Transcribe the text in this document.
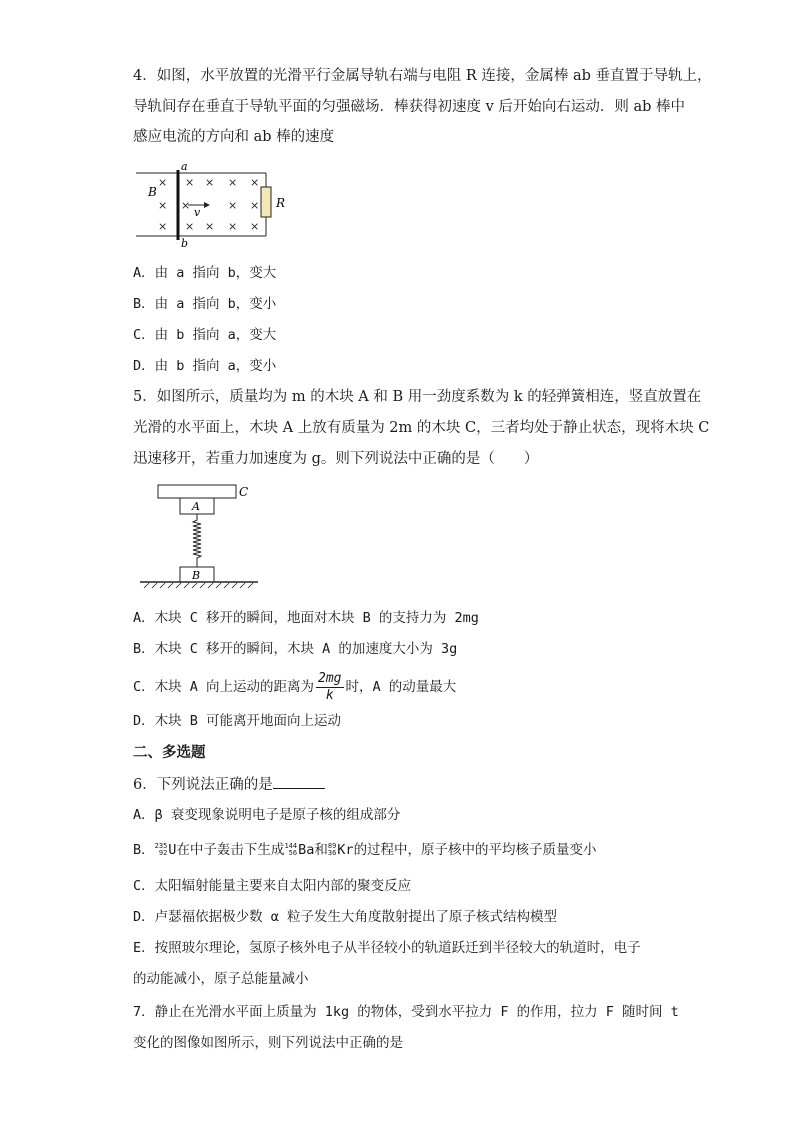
4．如图，水平放置的光滑平行金属导轨右端与电阻 R 连接，金属棒 ab 垂直置于导轨上，
导轨间存在垂直于导轨平面的匀强磁场．棒获得初速度 v 后开始向右运动．则 ab 棒中
感应电流的方向和 ab 棒的速度
R
a
b
B
×
×
×
× × × ×
×	× ×
× × × ×
v
A．由 a 指向 b，变大
B．由 a 指向 b，变小
C．由 b 指向 a，变大
D．由 b 指向 a，变小
5．如图所示，质量均为 m 的木块 A 和 B 用一劲度系数为 k 的轻弹簧相连，竖直放置在
光滑的水平面上，木块 A 上放有质量为 2m 的木块 C，三者均处于静止状态，现将木块 C
迅速移开，若重力加速度为 g。则下列说法中正确的是（　　）
C
A
B
A．木块 C 移开的瞬间，地面对木块 B 的支持力为 2mg
B．木块 C 移开的瞬间，木块 A 的加速度大小为 3g
C．木块 A 向上运动的距离为 $\frac{2mg}{k}$ 时，A 的动量最大
D．木块 B 可能离开地面向上运动
二、多选题
6．下列说法正确的是
A．β 衰变现象说明电子是原子核的组成部分
B． 235
92 U在中子轰击下生成 144
56 Ba和 89
36 Kr的过程中，原子核中的平均核子质量变小
C．太阳辐射能量主要来自太阳内部的聚变反应
D．卢瑟福依据极少数 α 粒子发生大角度散射提出了原子核式结构模型
E．按照玻尔理论，氢原子核外电子从半径较小的轨道跃迁到半径较大的轨道时，电子
的动能减小，原子总能量减小
7．静止在光滑水平面上质量为 1kg 的物体，受到水平拉力 F 的作用，拉力 F 随时间 t
变化的图像如图所示，则下列说法中正确的是
